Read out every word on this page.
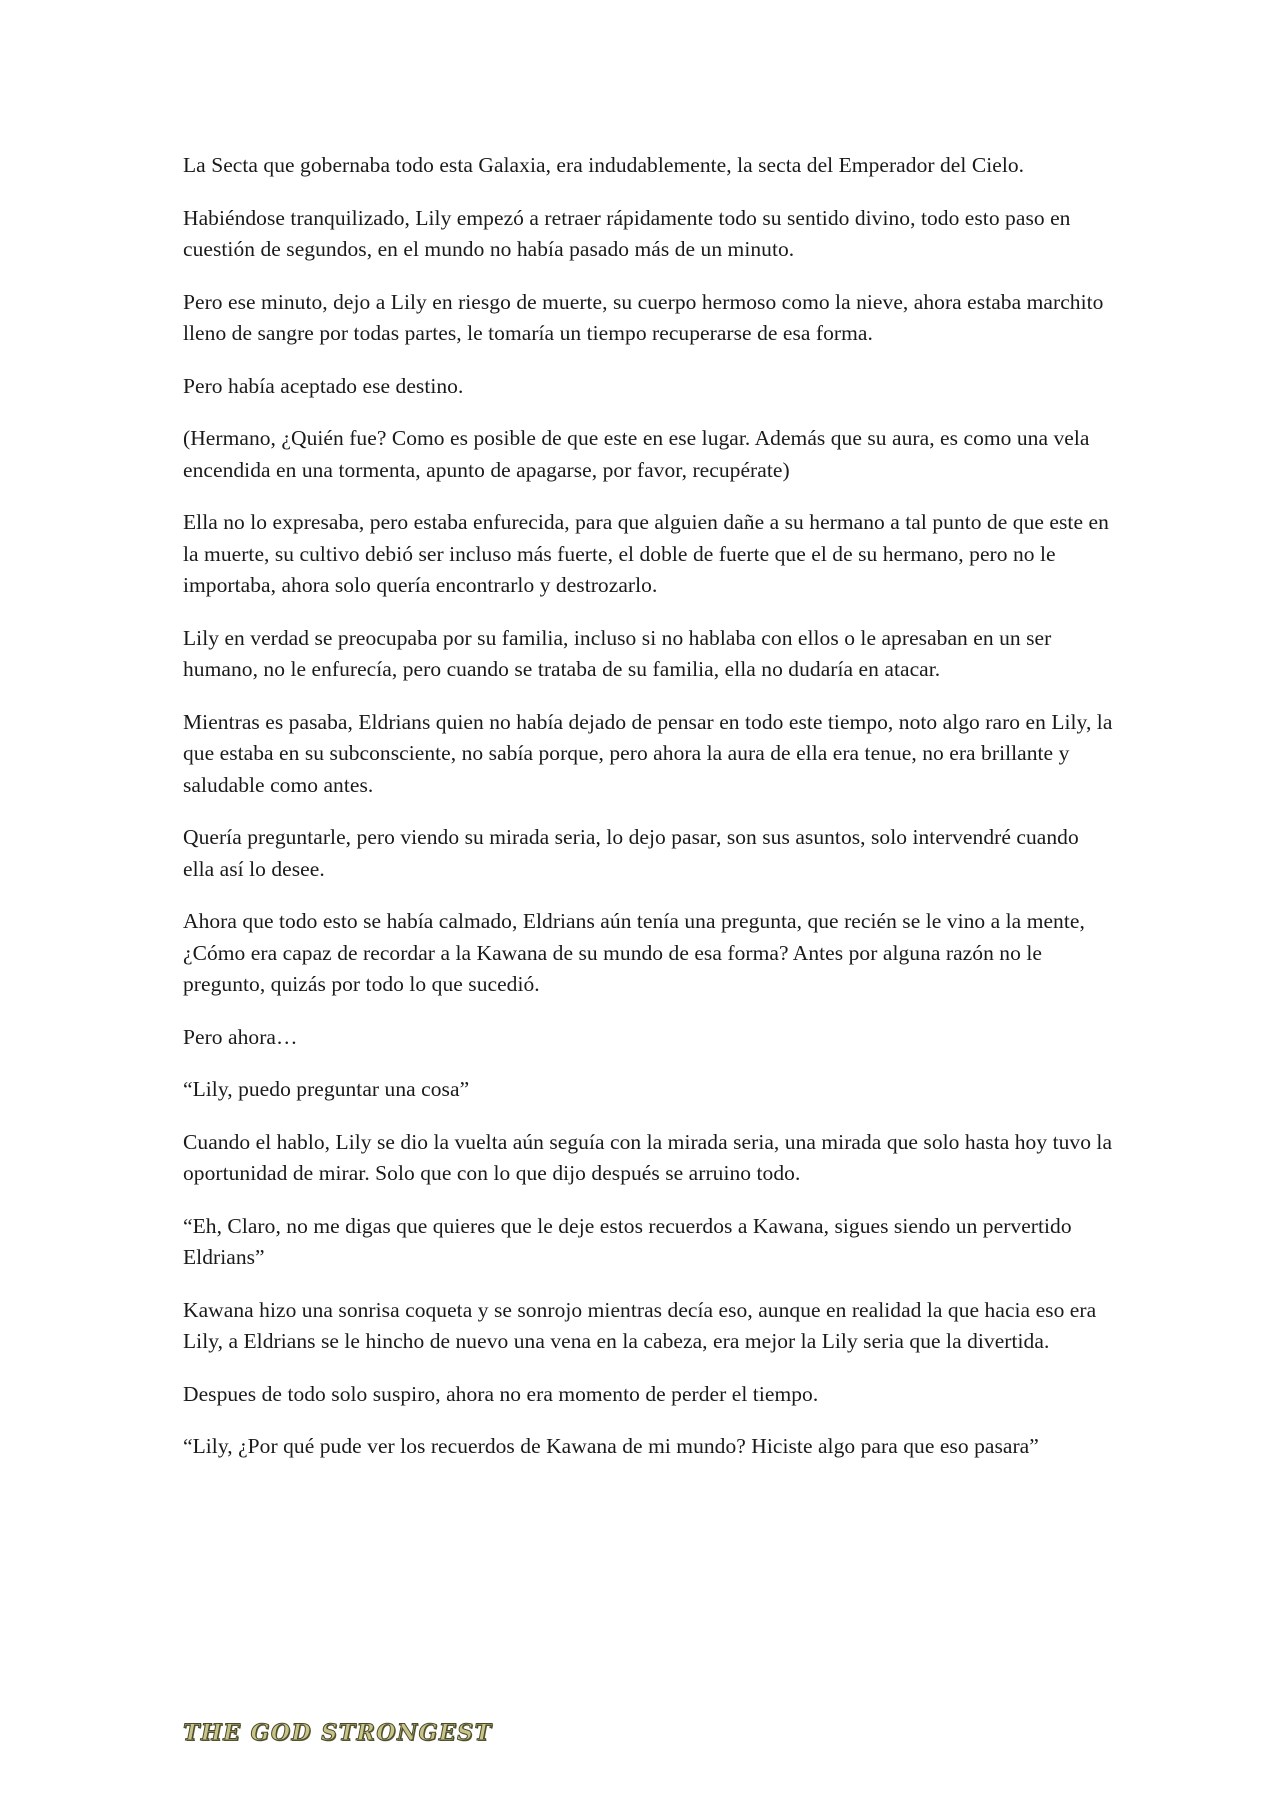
La Secta que gobernaba todo esta Galaxia, era indudablemente, la secta del Emperador del Cielo.

Habiéndose tranquilizado, Lily empezó a retraer rápidamente todo su sentido divino, todo esto paso en cuestión de segundos, en el mundo no había pasado más de un minuto.

Pero ese minuto, dejo a Lily en riesgo de muerte, su cuerpo hermoso como la nieve, ahora estaba marchito lleno de sangre por todas partes, le tomaría un tiempo recuperarse de esa forma.

Pero había aceptado ese destino.

(Hermano, ¿Quién fue? Como es posible de que este en ese lugar. Además que su aura, es como una vela encendida en una tormenta, apunto de apagarse, por favor, recupérate)

Ella no lo expresaba, pero estaba enfurecida, para que alguien dañe a su hermano a tal punto de que este en la muerte, su cultivo debió ser incluso más fuerte, el doble de fuerte que el de su hermano, pero no le importaba, ahora solo quería encontrarlo y destrozarlo.

Lily en verdad se preocupaba por su familia, incluso si no hablaba con ellos o le apresaban en un ser humano, no le enfurecía, pero cuando se trataba de su familia, ella no dudaría en atacar.

Mientras es pasaba, Eldrians quien no había dejado de pensar en todo este tiempo, noto algo raro en Lily, la que estaba en su subconsciente, no sabía porque, pero ahora la aura de ella era tenue, no era brillante y saludable como antes.

Quería preguntarle, pero viendo su mirada seria, lo dejo pasar, son sus asuntos, solo intervendré cuando ella así lo desee.

Ahora que todo esto se había calmado, Eldrians aún tenía una pregunta, que recién se le vino a la mente, ¿Cómo era capaz de recordar a la Kawana de su mundo de esa forma? Antes por alguna razón no le pregunto, quizás por todo lo que sucedió.

Pero ahora…

“Lily, puedo preguntar una cosa”

Cuando el hablo, Lily se dio la vuelta aún seguía con la mirada seria, una mirada que solo hasta hoy tuvo la oportunidad de mirar. Solo que con lo que dijo después se arruino todo.

“Eh, Claro, no me digas que quieres que le deje estos recuerdos a Kawana, sigues siendo un pervertido Eldrians”

Kawana hizo una sonrisa coqueta y se sonrojo mientras decía eso, aunque en realidad la que hacia eso era Lily, a Eldrians se le hincho de nuevo una vena en la cabeza, era mejor la Lily seria que la divertida.

Despues de todo solo suspiro, ahora no era momento de perder el tiempo.

“Lily, ¿Por qué pude ver los recuerdos de Kawana de mi mundo? Hiciste algo para que eso pasara”

THE GOD STRONGEST
